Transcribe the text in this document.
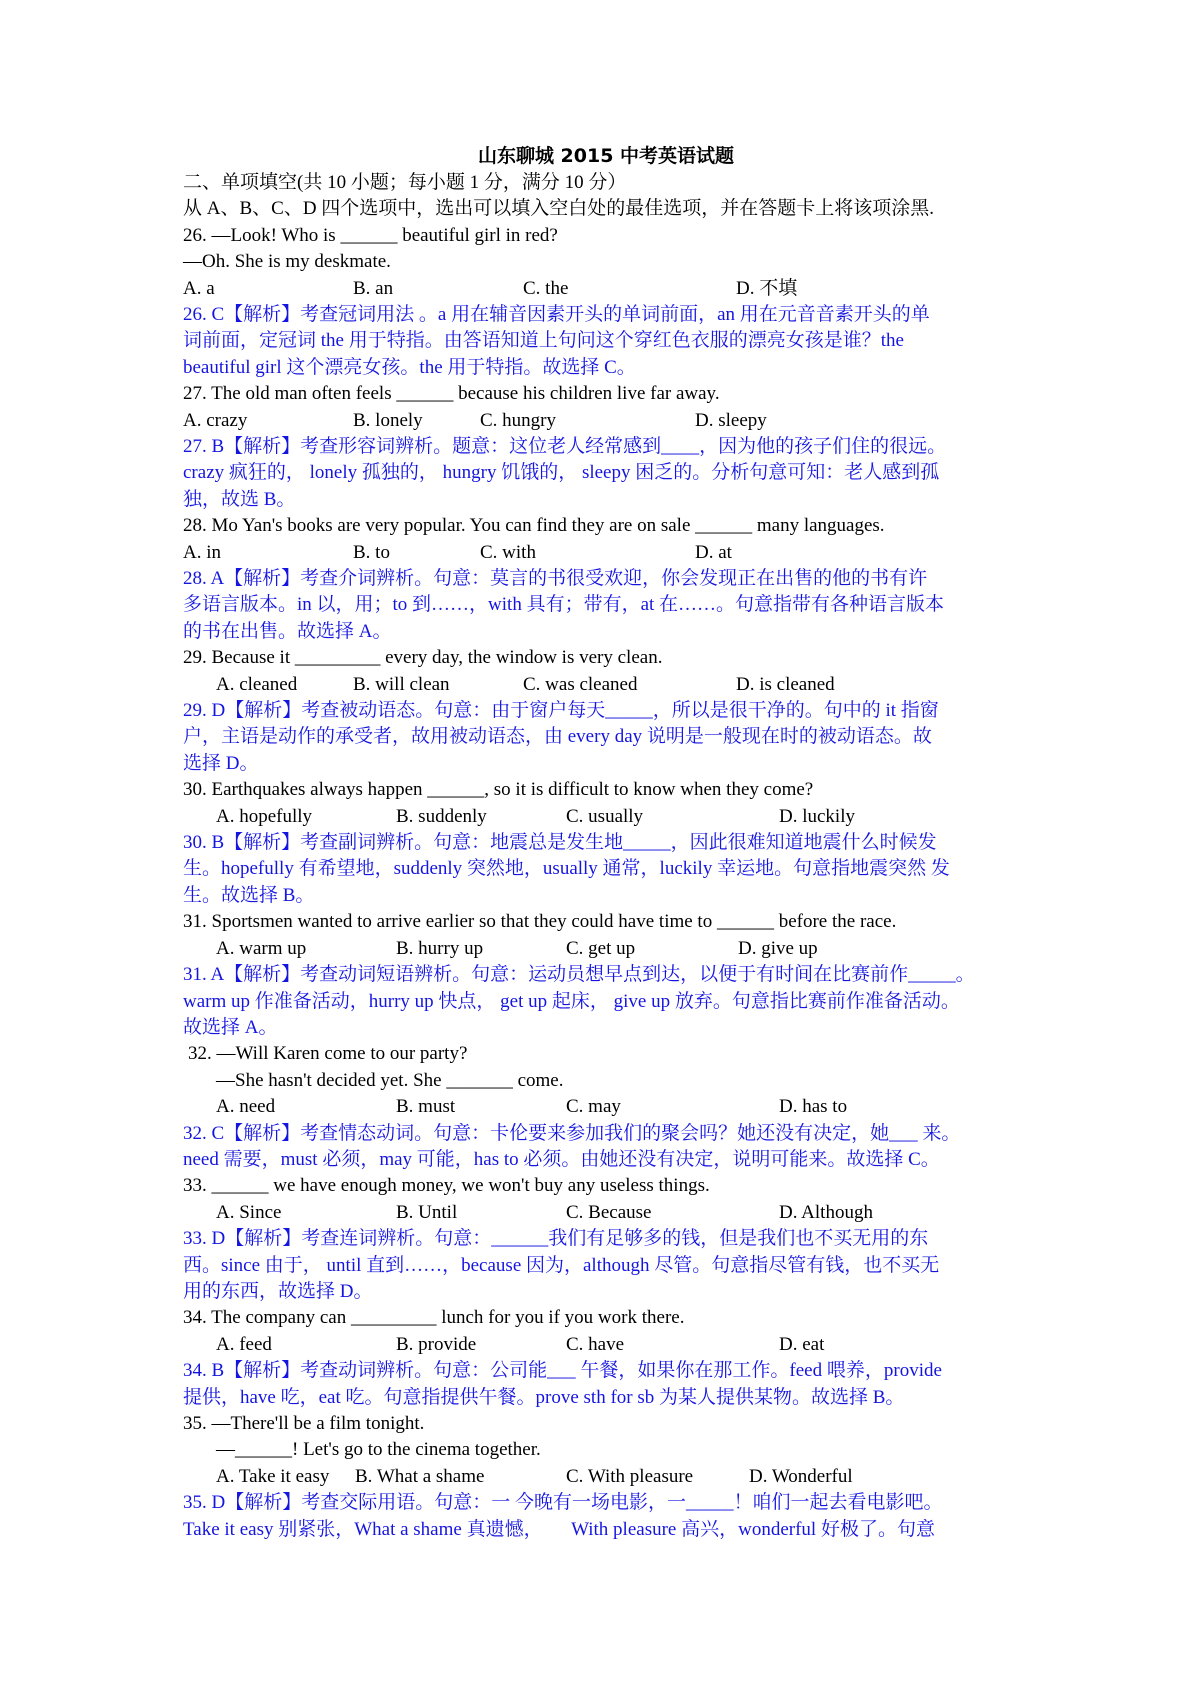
山东聊城 2015 中考英语试题
二、单项填空(共 10 小题；每小题 1 分，满分 10 分）
从 A、B、C、D 四个选项中，选出可以填入空白处的最佳选项，并在答题卡上将该项涂黑.
26. —Look! Who is ______ beautiful girl in red?
—Oh. She is my deskmate.
A. a	B. an	C. the	D. 不填
26. C【解析】考查冠词用法 。a 用在辅音因素开头的单词前面，an 用在元音音素开头的单
词前面，定冠词 the 用于特指。由答语知道上句问这个穿红色衣服的漂亮女孩是谁？the
beautiful girl 这个漂亮女孩。the 用于特指。故选择 C。
27. The old man often feels ______ because his children live far away.
A. crazy	B. lonely	C. hungry	D. sleepy
27. B【解析】考查形容词辨析。题意：这位老人经常感到____，因为他的孩子们住的很远。
crazy 疯狂的， lonely 孤独的， hungry 饥饿的， sleepy 困乏的。分析句意可知：老人感到孤
独，故选 B。
28. Mo Yan's books are very popular. You can find they are on sale ______ many languages.
A. in	B. to	C. with	D. at
28. A【解析】考查介词辨析。句意：莫言的书很受欢迎，你会发现正在出售的他的书有许
多语言版本。in 以，用；to 到……，with 具有；带有，at 在……。句意指带有各种语言版本
的书在出售。故选择 A。
29. Because it _________ every day, the window is very clean.
A. cleaned	B. will clean	C. was cleaned	D. is cleaned
29. D【解析】考查被动语态。句意：由于窗户每天_____，所以是很干净的。句中的 it 指窗
户，主语是动作的承受者，故用被动语态，由 every day 说明是一般现在时的被动语态。故
选择 D。
30. Earthquakes always happen ______, so it is difficult to know when they come?
A. hopefully	B. suddenly	C. usually	D. luckily
30. B【解析】考查副词辨析。句意：地震总是发生地_____，因此很难知道地震什么时候发
生。hopefully 有希望地，suddenly 突然地，usually 通常，luckily 幸运地。句意指地震突然 发
生。故选择 B。
31. Sportsmen wanted to arrive earlier so that they could have time to ______ before the race.
A. warm up	B. hurry up	C. get up	D. give up
31. A【解析】考查动词短语辨析。句意：运动员想早点到达，以便于有时间在比赛前作_____。
warm up 作准备活动，hurry up 快点， get up 起床， give up 放弃。句意指比赛前作准备活动。
故选择 A。
32. —Will Karen come to our party?
—She hasn't decided yet. She _______ come.
A. need	B. must	C. may	D. has to
32. C【解析】考查情态动词。句意：卡伦要来参加我们的聚会吗？她还没有决定，她___ 来。
need 需要，must 必须，may 可能，has to 必须。由她还没有决定，说明可能来。故选择 C。
33. ______ we have enough money, we won't buy any useless things.
A. Since	B. Until	C. Because	D. Although
33. D【解析】考查连词辨析。句意：______我们有足够多的钱，但是我们也不买无用的东
西。since 由于， until 直到……，because 因为，although 尽管。句意指尽管有钱，也不买无
用的东西，故选择 D。
34. The company can _________ lunch for you if you work there.
A. feed	B. provide	C. have	D. eat
34. B【解析】考查动词辨析。句意：公司能___ 午餐，如果你在那工作。feed 喂养，provide
提供，have 吃，eat 吃。句意指提供午餐。prove sth for sb 为某人提供某物。故选择 B。
35. —There'll be a film tonight.
—______! Let's go to the cinema together.
A. Take it easy B. What a shame	C. With pleasure	D. Wonderful
35. D【解析】考查交际用语。句意：一 今晚有一场电影，一_____！咱们一起去看电影吧。
Take it easy 别紧张，What a shame 真遗憾，      With pleasure 高兴，wonderful 好极了。句意
